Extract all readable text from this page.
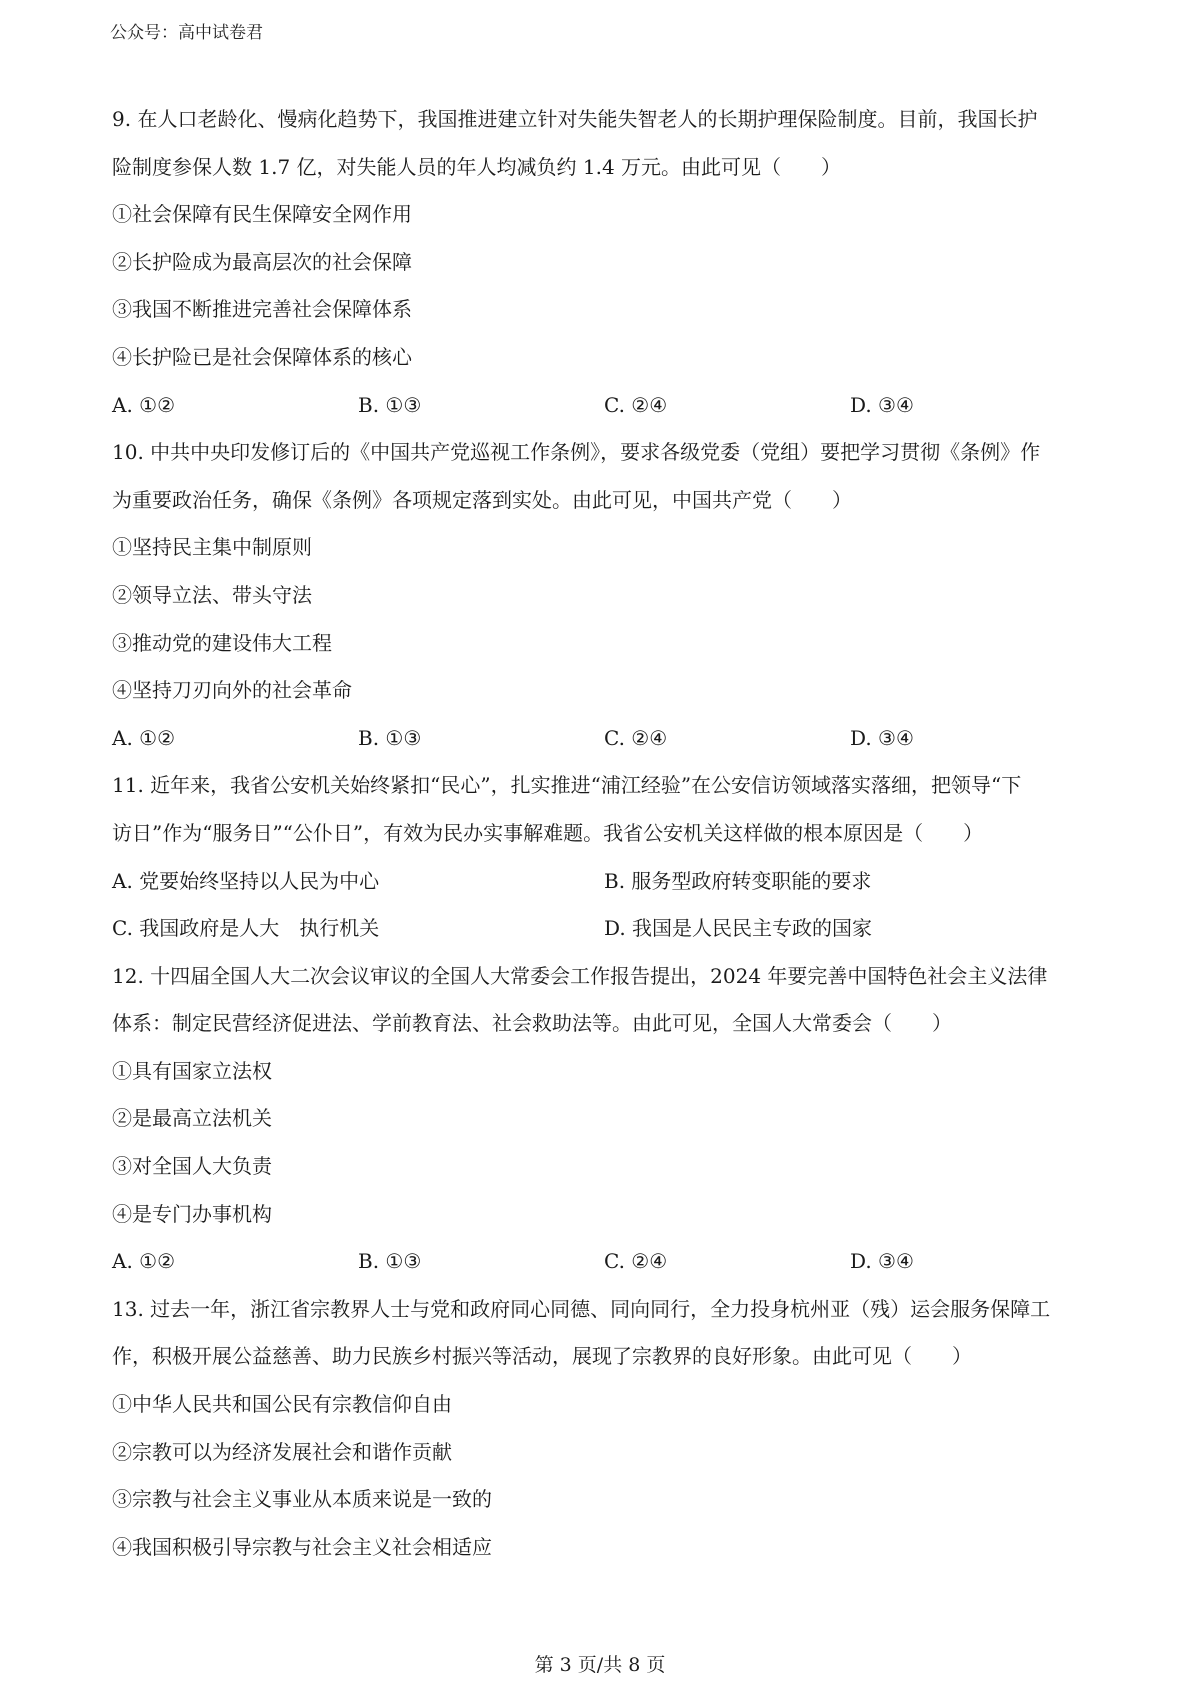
公众号：高中试卷君
9. 在人口老龄化、慢病化趋势下，我国推进建立针对失能失智老人的长期护理保险制度。目前，我国长护
险制度参保人数 1.7 亿，对失能人员的年人均减负约 1.4 万元。由此可见（　　）
①社会保障有民生保障安全网作用
②长护险成为最高层次的社会保障
③我国不断推进完善社会保障体系
④长护险已是社会保障体系的核心
A. ①②	B. ①③	C. ②④	D. ③④
10. 中共中央印发修订后的《中国共产党巡视工作条例》，要求各级党委（党组）要把学习贯彻《条例》作
为重要政治任务，确保《条例》各项规定落到实处。由此可见，中国共产党（　　）
①坚持民主集中制原则
②领导立法、带头守法
③推动党的建设伟大工程
④坚持刀刃向外的社会革命
A. ①②	B. ①③	C. ②④	D. ③④
11. 近年来，我省公安机关始终紧扣“民心”，扎实推进“浦江经验”在公安信访领域落实落细，把领导“下
访日”作为“服务日”“公仆日”，有效为民办实事解难题。我省公安机关这样做的根本原因是（　　）
A. 党要始终坚持以人民为中心	B. 服务型政府转变职能的要求
C. 我国政府是人大　执行机关	D. 我国是人民民主专政的国家
12. 十四届全国人大二次会议审议的全国人大常委会工作报告提出，2024 年要完善中国特色社会主义法律
体系：制定民营经济促进法、学前教育法、社会救助法等。由此可见，全国人大常委会（　　）
①具有国家立法权
②是最高立法机关
③对全国人大负责
④是专门办事机构
A. ①②	B. ①③	C. ②④	D. ③④
13. 过去一年，浙江省宗教界人士与党和政府同心同德、同向同行，全力投身杭州亚（残）运会服务保障工
作，积极开展公益慈善、助力民族乡村振兴等活动，展现了宗教界的良好形象。由此可见（　　）
①中华人民共和国公民有宗教信仰自由
②宗教可以为经济发展社会和谐作贡献
③宗教与社会主义事业从本质来说是一致的
④我国积极引导宗教与社会主义社会相适应
第 3 页/共 8 页
